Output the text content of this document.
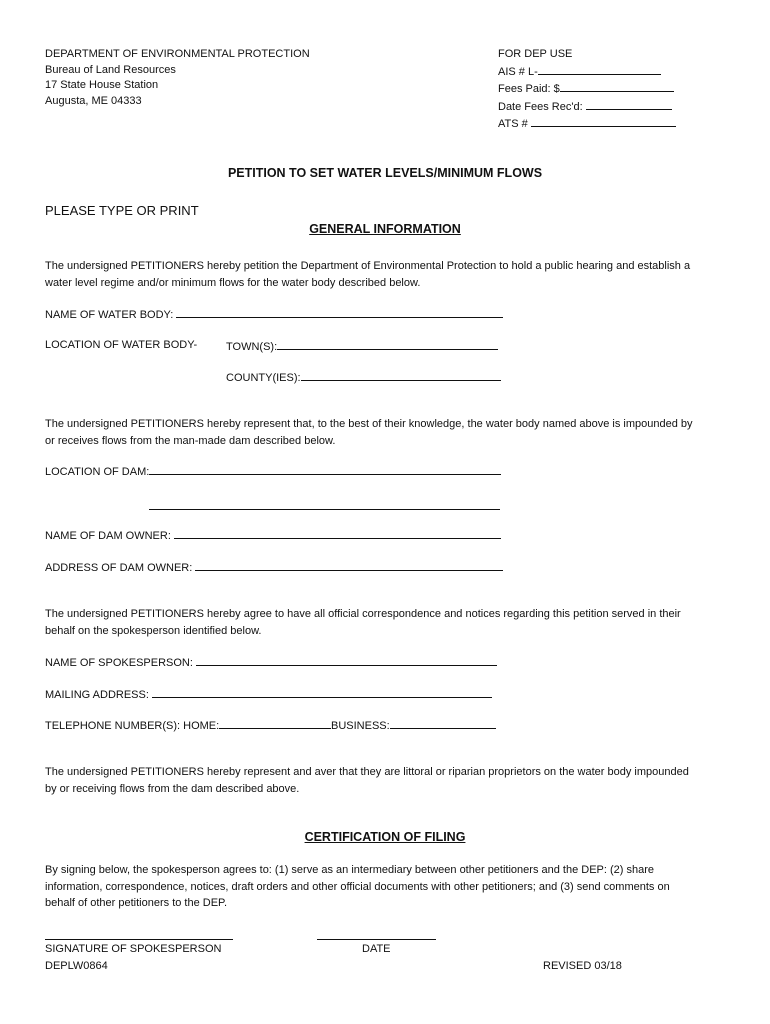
DEPARTMENT OF ENVIRONMENTAL PROTECTION
Bureau of Land Resources
17 State House Station
Augusta, ME 04333
FOR DEP USE
AIS # L-
Fees Paid: $
Date Fees Rec'd:
ATS #
PETITION TO SET WATER LEVELS/MINIMUM FLOWS
PLEASE TYPE OR PRINT
GENERAL INFORMATION
The undersigned PETITIONERS hereby petition the Department of Environmental Protection to hold a public hearing and establish a
water level regime and/or minimum flows for the water body described below.
NAME OF WATER BODY:
LOCATION OF WATER BODY-	TOWN(S):
COUNTY(IES):
The undersigned PETITIONERS hereby represent that, to the best of their knowledge, the water body named above is impounded by
or receives flows from the man-made dam described below.
LOCATION OF DAM:
NAME OF DAM OWNER:
ADDRESS OF DAM OWNER:
The undersigned PETITIONERS hereby agree to have all official correspondence and notices regarding this petition served in their
behalf on the spokesperson identified below.
NAME OF SPOKESPERSON:
MAILING ADDRESS:
TELEPHONE NUMBER(S): HOME:	BUSINESS:
The undersigned PETITIONERS hereby represent and aver that they are littoral or riparian proprietors on the water body impounded
by or receiving flows from the dam described above.
CERTIFICATION OF FILING
By signing below, the spokesperson agrees to: (1) serve as an intermediary between other petitioners and the DEP: (2) share
information, correspondence, notices, draft orders and other official documents with other petitioners; and (3) send comments on
behalf of other petitioners to the DEP.
SIGNATURE OF SPOKESPERSON	DATE
DEPLW0864	REVISED 03/18
